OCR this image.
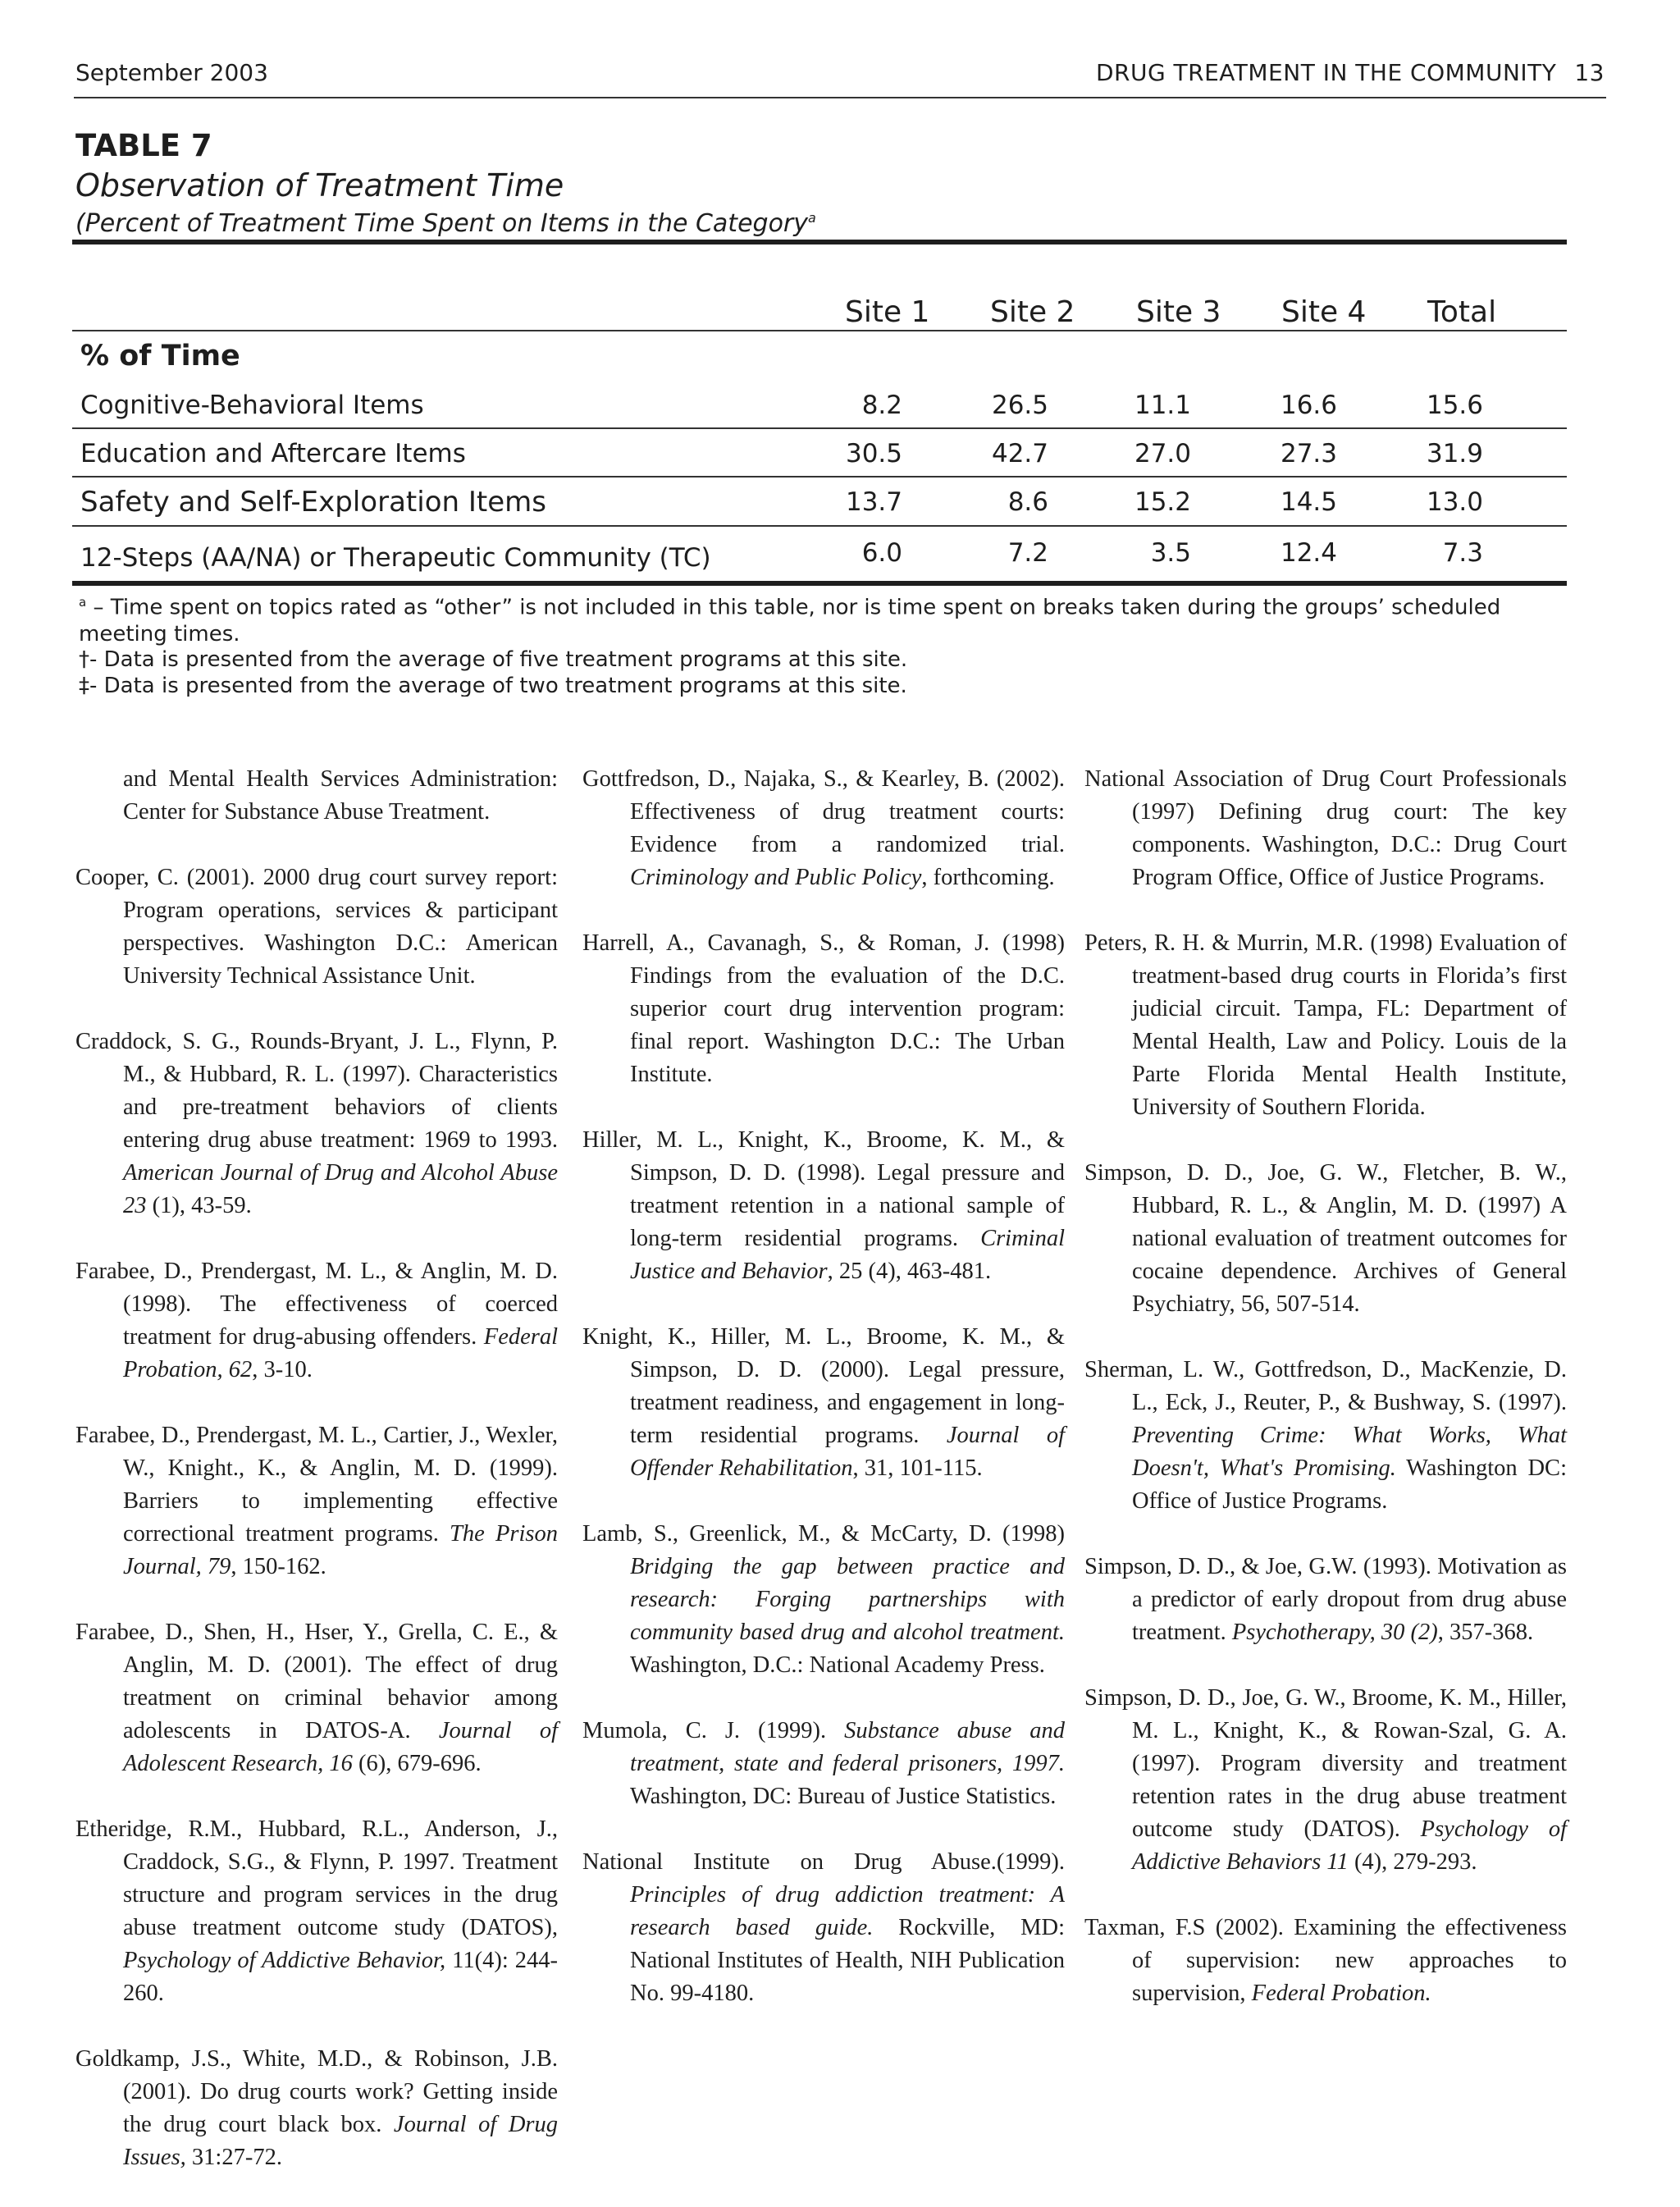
September 2003	DRUG TREATMENT IN THE COMMUNITY 13
TABLE 7
Observation of Treatment Time
(Percent of Treatment Time Spent on Items in the Category$^a$
Site 1 Site 2 Site 3 Site 4 Total
% of Time
Cognitive-Behavioral Items	8.2	26.5	11.1	16.6	15.6
Education and Aftercare Items	30.5	42.7	27.0	27.3	31.9
Safety and Self-Exploration Items	13.7	8.6	15.2	14.5	13.0
12-Steps (AA/NA) or Therapeutic Community (TC)	6.0	7.2	3.5	12.4	7.3
$^a$ – Time spent on topics rated as “other” is not included in this table, nor is time spent on breaks taken during the groups’ scheduled meeting times.
†- Data is presented from the average of five treatment programs at this site.
‡- Data is presented from the average of two treatment programs at this site.

and Mental Health Services Administration: Center for Substance Abuse Treatment.

Cooper, C. (2001). 2000 drug court survey report: Program operations, services & participant perspectives. Washington D.C.: American University Technical Assistance Unit.

Craddock, S. G., Rounds-Bryant, J. L., Flynn, P. M., & Hubbard, R. L. (1997). Characteristics and pre-treatment behaviors of clients entering drug abuse treatment: 1969 to 1993. American Journal of Drug and Alcohol Abuse 23 (1), 43-59.

Farabee, D., Prendergast, M. L., & Anglin, M. D. (1998). The effectiveness of coerced treatment for drug-abusing offenders. Federal Probation, 62, 3-10.

Farabee, D., Prendergast, M. L., Cartier, J., Wexler, W., Knight., K., & Anglin, M. D. (1999). Barriers to implementing effective correctional treatment programs. The Prison Journal, 79, 150-162.

Farabee, D., Shen, H., Hser, Y., Grella, C. E., & Anglin, M. D. (2001). The effect of drug treatment on criminal behavior among adolescents in DATOS-A. Journal of Adolescent Research, 16 (6), 679-696.

Etheridge, R.M., Hubbard, R.L., Anderson, J., Craddock, S.G., & Flynn, P. 1997. Treatment structure and program services in the drug abuse treatment outcome study (DATOS), Psychology of Addictive Behavior, 11(4): 244-260.

Goldkamp, J.S., White, M.D., & Robinson, J.B. (2001). Do drug courts work? Getting inside the drug court black box. Journal of Drug Issues, 31:27-72.

Gottfredson, D., Najaka, S., & Kearley, B. (2002). Effectiveness of drug treatment courts: Evidence from a randomized trial. Criminology and Public Policy, forthcoming.

Harrell, A., Cavanagh, S., & Roman, J. (1998) Findings from the evaluation of the D.C. superior court drug intervention program: final report. Washington D.C.: The Urban Institute.

Hiller, M. L., Knight, K., Broome, K. M., & Simpson, D. D. (1998). Legal pressure and treatment retention in a national sample of long-term residential programs. Criminal Justice and Behavior, 25 (4), 463-481.

Knight, K., Hiller, M. L., Broome, K. M., & Simpson, D. D. (2000). Legal pressure, treatment readiness, and engagement in long-term residential programs. Journal of Offender Rehabilitation, 31, 101-115.

Lamb, S., Greenlick, M., & McCarty, D. (1998) Bridging the gap between practice and research: Forging partnerships with community based drug and alcohol treatment. Washington, D.C.: National Academy Press.

Mumola, C. J. (1999). Substance abuse and treatment, state and federal prisoners, 1997. Washington, DC: Bureau of Justice Statistics.

National Institute on Drug Abuse.(1999). Principles of drug addiction treatment: A research based guide. Rockville, MD: National Institutes of Health, NIH Publication No. 99-4180.

National Association of Drug Court Professionals (1997) Defining drug court: The key components. Washington, D.C.: Drug Court Program Office, Office of Justice Programs.

Peters, R. H. & Murrin, M.R. (1998) Evaluation of treatment-based drug courts in Florida’s first judicial circuit. Tampa, FL: Department of Mental Health, Law and Policy. Louis de la Parte Florida Mental Health Institute, University of Southern Florida.

Simpson, D. D., Joe, G. W., Fletcher, B. W., Hubbard, R. L., & Anglin, M. D. (1997) A national evaluation of treatment outcomes for cocaine dependence. Archives of General Psychiatry, 56, 507-514.

Sherman, L. W., Gottfredson, D., MacKenzie, D. L., Eck, J., Reuter, P., & Bushway, S. (1997). Preventing Crime: What Works, What Doesn't, What's Promising. Washington DC: Office of Justice Programs.

Simpson, D. D., & Joe, G.W. (1993). Motivation as a predictor of early dropout from drug abuse treatment. Psychotherapy, 30 (2), 357-368.

Simpson, D. D., Joe, G. W., Broome, K. M., Hiller, M. L., Knight, K., & Rowan-Szal, G. A. (1997). Program diversity and treatment retention rates in the drug abuse treatment outcome study (DATOS). Psychology of Addictive Behaviors 11 (4), 279-293.

Taxman, F.S (2002). Examining the effectiveness of supervision: new approaches to supervision, Federal Probation.
